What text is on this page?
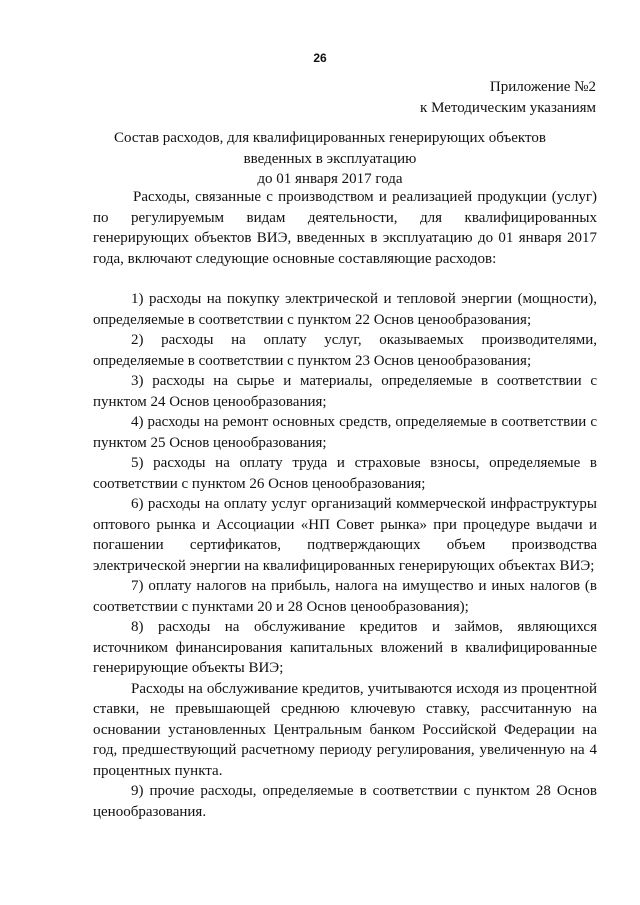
26
Приложение №2
к Методическим указаниям
Состав расходов, для квалифицированных генерирующих объектов
введенных в эксплуатацию
до 01 января 2017 года

Расходы, связанные с производством и реализацией продукции (услуг) по регулируемым видам деятельности, для квалифицированных генерирующих объектов ВИЭ, введенных в эксплуатацию до 01 января 2017 года, включают следующие основные составляющие расходов:

1) расходы на покупку электрической и тепловой энергии (мощности), определяемые в соответствии с пунктом 22 Основ ценообразования;

2) расходы на оплату услуг, оказываемых производителями, определяемые в соответствии с пунктом 23 Основ ценообразования;

3) расходы на сырье и материалы, определяемые в соответствии с пунктом 24 Основ ценообразования;

4) расходы на ремонт основных средств, определяемые в соответствии с пунктом 25 Основ ценообразования;

5) расходы на оплату труда и страховые взносы, определяемые в соответствии с пунктом 26 Основ ценообразования;

6) расходы на оплату услуг организаций коммерческой инфраструктуры оптового рынка и Ассоциации «НП Совет рынка» при процедуре выдачи и погашении сертификатов, подтверждающих объем производства электрической энергии на квалифицированных генерирующих объектах ВИЭ;

7) оплату налогов на прибыль, налога на имущество и иных налогов (в соответствии с пунктами 20 и 28 Основ ценообразования);

8) расходы на обслуживание кредитов и займов, являющихся источником финансирования капитальных вложений в квалифицированные генерирующие объекты ВИЭ;

Расходы на обслуживание кредитов, учитываются исходя из процентной ставки, не превышающей среднюю ключевую ставку, рассчитанную на основании установленных Центральным банком Российской Федерации на год, предшествующий расчетному периоду регулирования, увеличенную на 4 процентных пункта.

9) прочие расходы, определяемые в соответствии с пунктом 28 Основ ценообразования.
